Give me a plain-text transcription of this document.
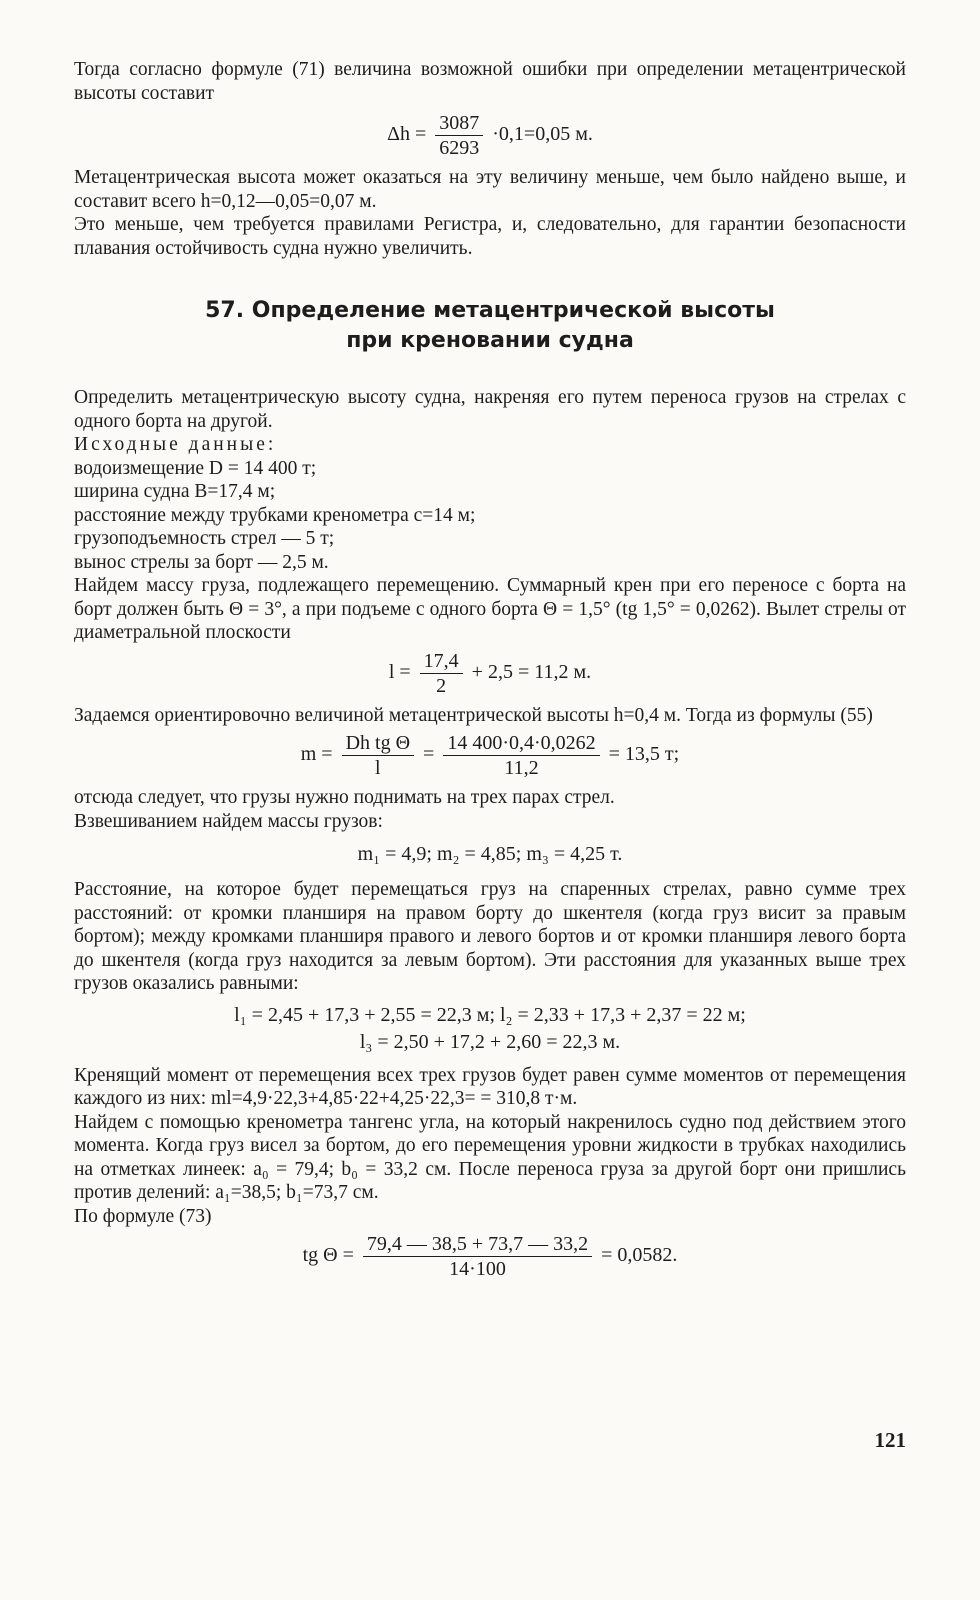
Тогда согласно формуле (71) величина возможной ошибки при определении метацентрической высоты составит

$\Delta h = \frac{3087}{6293} \cdot 0,1=0,05$ м.

Метацентрическая высота может оказаться на эту величину меньше, чем было найдено выше, и составит всего h=0,12—0,05=0,07 м.

Это меньше, чем требуется правилами Регистра, и, следовательно, для гарантии безопасности плавания остойчивость судна нужно увеличить.

57. Определение метацентрической высоты
при креновании судна

Определить метацентрическую высоту судна, накреняя его путем переноса грузов на стрелах с одного борта на другой.

Исходные данные:

водоизмещение D = 14 400 т;

ширина судна B=17,4 м;

расстояние между трубками кренометра c=14 м;

грузоподъемность стрел — 5 т;

вынос стрелы за борт — 2,5 м.

Найдем массу груза, подлежащего перемещению. Суммарный крен при его переносе с борта на борт должен быть Θ = 3°, а при подъеме с одного борта Θ = 1,5° (tg 1,5° = 0,0262). Вылет стрелы от диаметральной плоскости

$l = \frac{17,4}{2} + 2,5 = 11,2$ м.

Задаемся ориентировочно величиной метацентрической высоты h=0,4 м. Тогда из формулы (55)

$m = \frac{\text{Dh tg Θ}}{l} = \frac{14 400\cdot 0,4\cdot 0,0262}{11,2} = 13,5$ т;

отсюда следует, что грузы нужно поднимать на трех парах стрел.

Взвешиванием найдем массы грузов:

m₁ = 4,9; m₂ = 4,85; m₃ = 4,25 т.

Расстояние, на которое будет перемещаться груз на спаренных стрелах, равно сумме трех расстояний: от кромки планширя на правом борту до шкентеля (когда груз висит за правым бортом); между кромками планширя правого и левого бортов и от кромки планширя левого борта до шкентеля (когда груз находится за левым бортом). Эти расстояния для указанных выше трех грузов оказались равными:

l₁ = 2,45 + 17,3 + 2,55 = 22,3 м; l₂ = 2,33 + 17,3 + 2,37 = 22 м;
l₃ = 2,50 + 17,2 + 2,60 = 22,3 м.

Кренящий момент от перемещения всех трех грузов будет равен сумме моментов от перемещения каждого из них: ml=4,9·22,3+4,85·22+4,25·22,3= = 310,8 т·м.

Найдем с помощью кренометра тангенс угла, на который накренилось судно под действием этого момента. Когда груз висел за бортом, до его перемещения уровни жидкости в трубках находились на отметках линеек: a₀ = 79,4; b₀ = 33,2 см. После переноса груза за другой борт они пришлись против делений: a₁=38,5; b₁=73,7 см.

По формуле (73)

tg $\Theta = \frac{79,4 — 38,5 + 73,7 — 33,2}{14\cdot 100} = 0,0582$.
121
